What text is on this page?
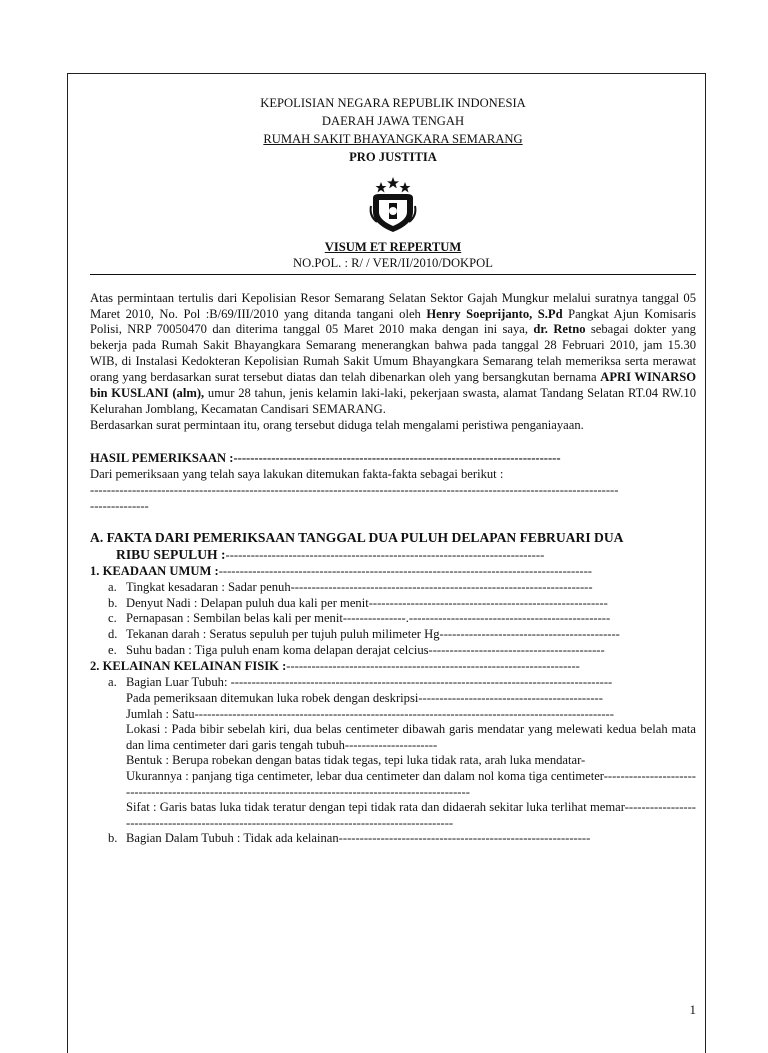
KEPOLISIAN NEGARA REPUBLIK INDONESIA
DAERAH JAWA TENGAH
RUMAH SAKIT BHAYANGKARA SEMARANG
PRO JUSTITIA
VISUM ET REPERTUM
NO.POL. : R/ / VER/II/2010/DOKPOL
Atas permintaan tertulis dari Kepolisian Resor Semarang Selatan Sektor Gajah Mungkur melalui suratnya tanggal 05 Maret 2010, No. Pol :B/69/III/2010 yang ditanda tangani oleh Henry Soeprijanto, S.Pd Pangkat Ajun Komisaris Polisi, NRP 70050470 dan diterima tanggal 05 Maret 2010 maka dengan ini saya, dr. Retno sebagai dokter yang bekerja pada Rumah Sakit Bhayangkara Semarang menerangkan bahwa pada tanggal 28 Februari 2010, jam 15.30 WIB, di Instalasi Kedokteran Kepolisian Rumah Sakit Umum Bhayangkara Semarang telah memeriksa serta merawat orang yang berdasarkan surat tersebut diatas dan telah dibenarkan oleh yang bersangkutan bernama APRI WINARSO bin KUSLANI (alm), umur 28 tahun, jenis kelamin laki-laki, pekerjaan swasta, alamat Tandang Selatan RT.04 RW.10 Kelurahan Jomblang, Kecamatan Candisari SEMARANG.
Berdasarkan surat permintaan itu, orang tersebut diduga telah mengalami peristiwa penganiayaan.
HASIL PEMERIKSAAN :------------------------------------------------------------------------------
Dari pemeriksaan yang telah saya lakukan ditemukan fakta-fakta sebagai berikut :
------------------------------------------------------------------------------------------------------------------------------
--------------
A. FAKTA DARI PEMERIKSAAN TANGGAL DUA PULUH DELAPAN FEBRUARI DUA
RIBU SEPULUH :----------------------------------------------------------------------------
1. KEADAAN UMUM :-----------------------------------------------------------------------------------------
a. Tingkat kesadaran : Sadar penuh------------------------------------------------------------------------
b. Denyut Nadi : Delapan puluh dua kali per menit---------------------------------------------------------
c. Pernapasan : Sembilan belas kali per menit---------------.------------------------------------------------
d. Tekanan darah : Seratus sepuluh per tujuh puluh milimeter Hg-------------------------------------------
e. Suhu badan : Tiga puluh enam koma delapan derajat celcius------------------------------------------
2. KELAINAN KELAINAN FISIK :----------------------------------------------------------------------
a. Bagian Luar Tubuh: -------------------------------------------------------------------------------------------
Pada pemeriksaan ditemukan luka robek dengan deskripsi--------------------------------------------
Jumlah : Satu----------------------------------------------------------------------------------------------------
Lokasi : Pada bibir sebelah kiri, dua belas centimeter dibawah garis mendatar yang melewati kedua belah mata dan lima centimeter dari garis tengah tubuh----------------------
Bentuk : Berupa robekan dengan batas tidak tegas, tepi luka tidak rata, arah luka mendatar-
Ukurannya : panjang tiga centimeter, lebar dua centimeter dan dalam nol koma tiga centimeter--------------------------------------------------------------------------------------------------------
Sifat : Garis batas luka tidak teratur dengan tepi tidak rata dan didaerah sekitar luka terlihat memar-----------------------------------------------------------------------------------------------
b. Bagian Dalam Tubuh : Tidak ada kelainan------------------------------------------------------------
1
